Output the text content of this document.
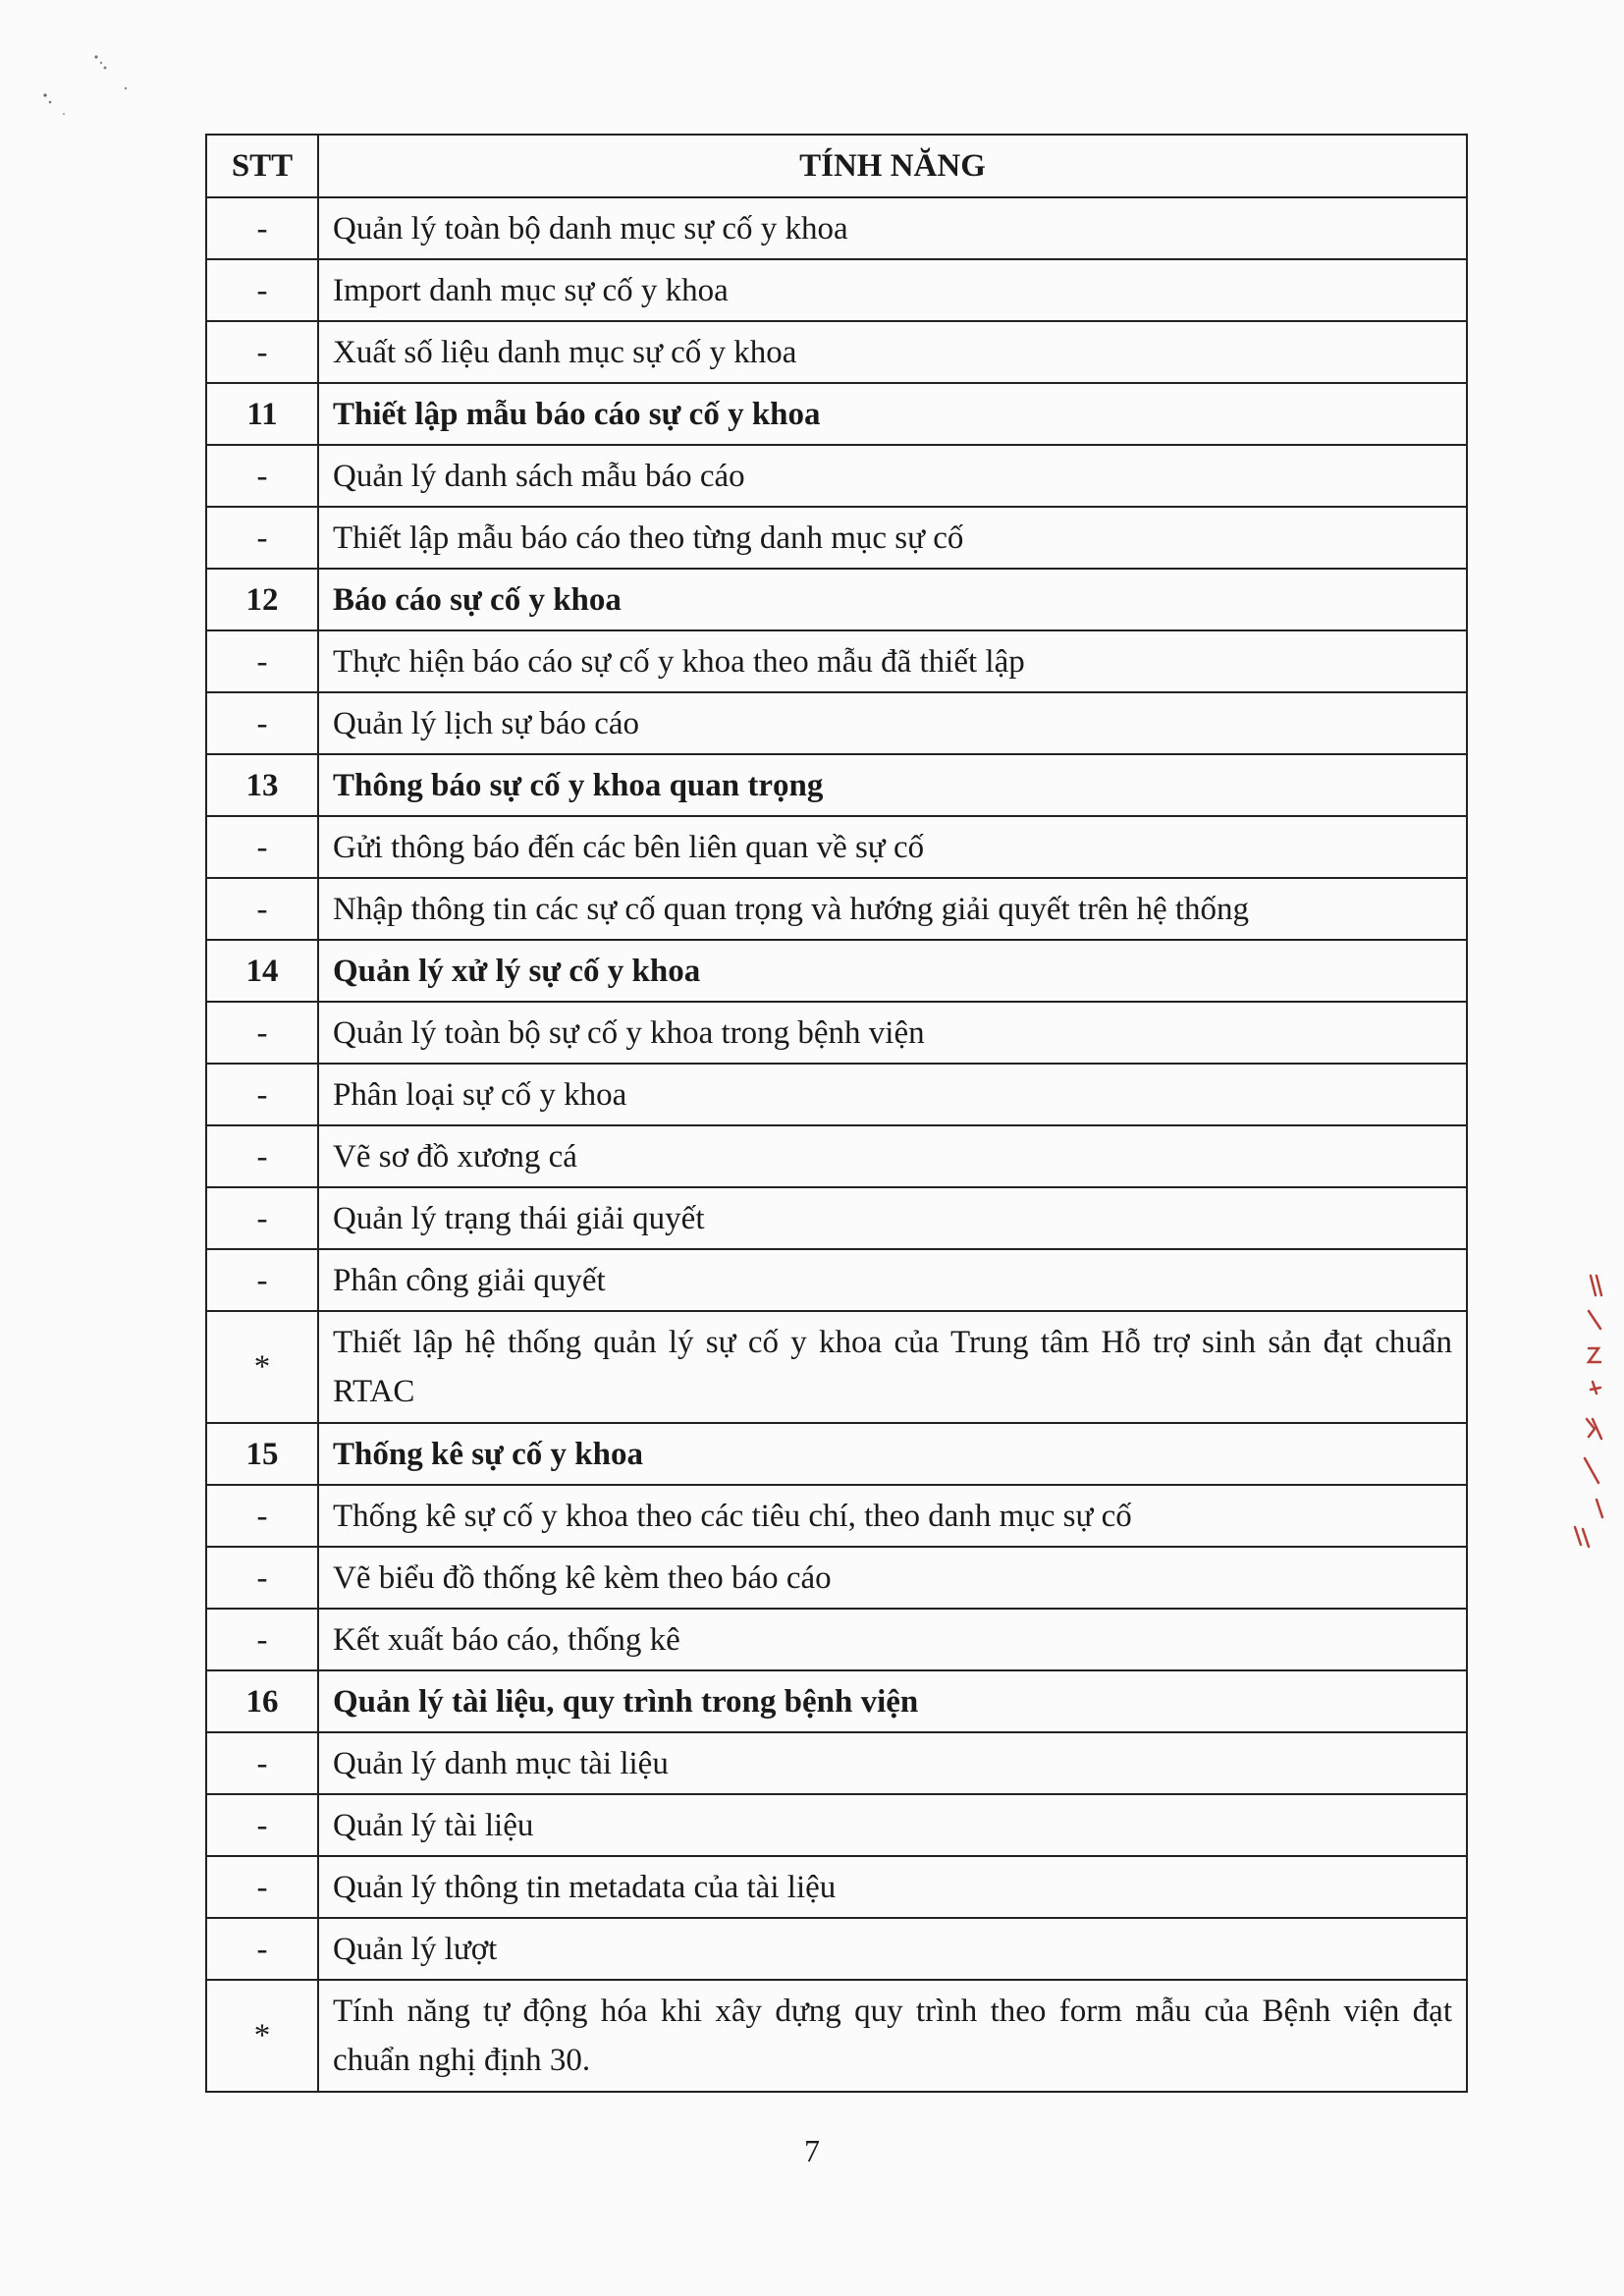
STT	TÍNH NĂNG
-	Quản lý toàn bộ danh mục sự cố y khoa
-	Import danh mục sự cố y khoa
-	Xuất số liệu danh mục sự cố y khoa
11	Thiết lập mẫu báo cáo sự cố y khoa
-	Quản lý danh sách mẫu báo cáo
-	Thiết lập mẫu báo cáo theo từng danh mục sự cố
12	Báo cáo sự cố y khoa
-	Thực hiện báo cáo sự cố y khoa theo mẫu đã thiết lập
-	Quản lý lịch sự báo cáo
13	Thông báo sự cố y khoa quan trọng
-	Gửi thông báo đến các bên liên quan về sự cố
-	Nhập thông tin các sự cố quan trọng và hướng giải quyết trên hệ thống
14	Quản lý xử lý sự cố y khoa
-	Quản lý toàn bộ sự cố y khoa trong bệnh viện
-	Phân loại sự cố y khoa
-	Vẽ sơ đồ xương cá
-	Quản lý trạng thái giải quyết
-	Phân công giải quyết
*	Thiết lập hệ thống quản lý sự cố y khoa của Trung tâm Hỗ trợ sinh sản đạt chuẩn RTAC
15	Thống kê sự cố y khoa
-	Thống kê sự cố y khoa theo các tiêu chí, theo danh mục sự cố
-	Vẽ biểu đồ thống kê kèm theo báo cáo
-	Kết xuất báo cáo, thống kê
16	Quản lý tài liệu, quy trình trong bệnh viện
-	Quản lý danh mục tài liệu
-	Quản lý tài liệu
-	Quản lý thông tin metadata của tài liệu
-	Quản lý lượt
*	Tính năng tự động hóa khi xây dựng quy trình theo form mẫu của Bệnh viện đạt chuẩn nghị định 30.
7
